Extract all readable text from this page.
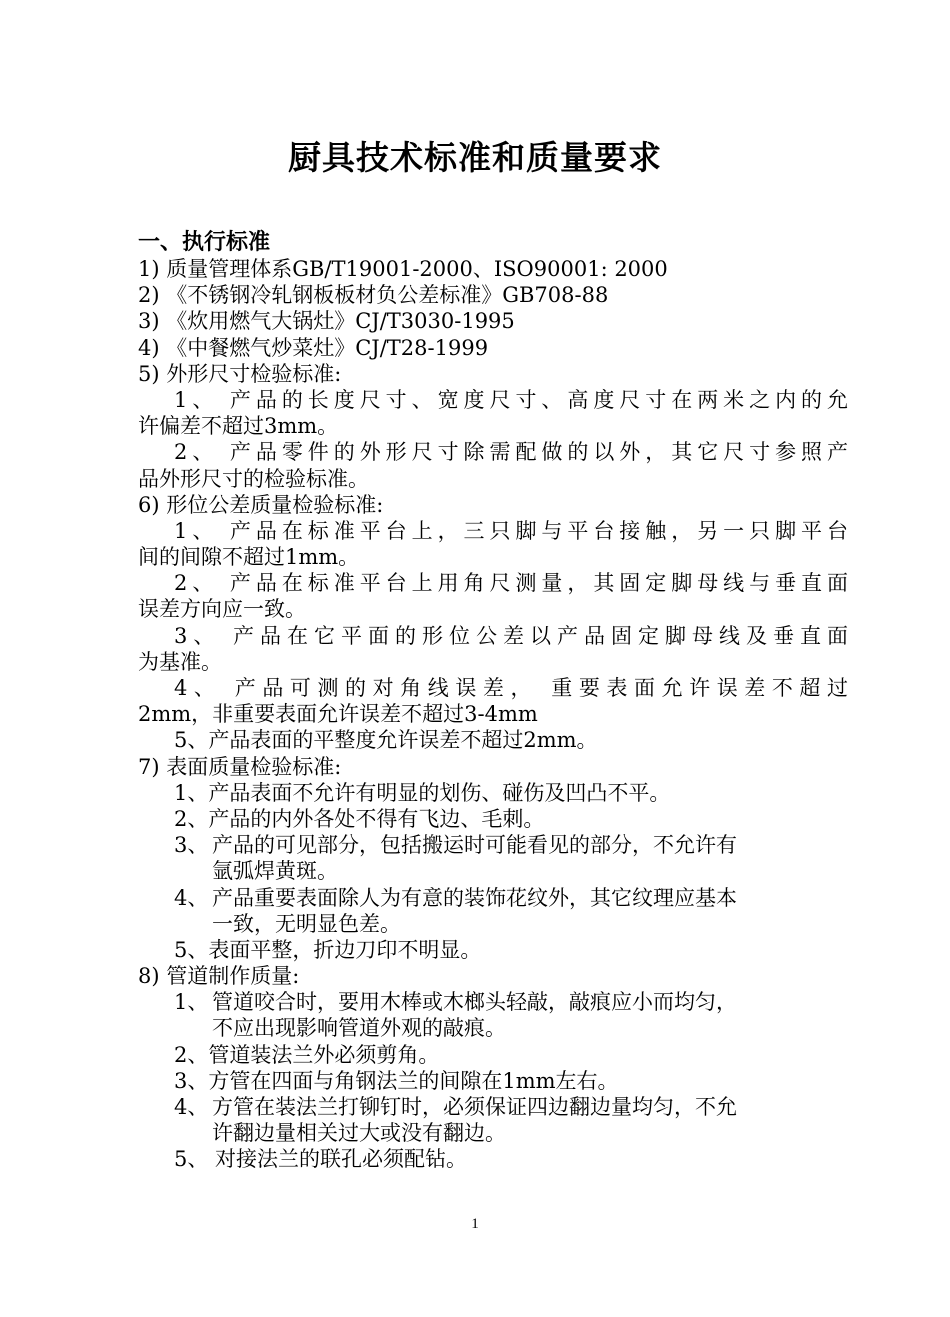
厨具技术标准和质量要求

一、执行标准

1) 质量管理体系GB/T19001-2000、ISO90001: 2000

2) 《不锈钢冷轧钢板板材负公差标准》GB708-88

3) 《炊用燃气大锅灶》CJ/T3030-1995

4) 《中餐燃气炒菜灶》CJ/T28-1999

5) 外形尺寸检验标准:

1、 产品的长度尺寸、宽度尺寸、高度尺寸在两米之内的允

许偏差不超过3mm。

2、 产品零件的外形尺寸除需配做的以外，其它尺寸参照产

品外形尺寸的检验标准。

6) 形位公差质量检验标准:

1、 产品在标准平台上，三只脚与平台接触，另一只脚平台

间的间隙不超过1mm。

2、 产品在标准平台上用角尺测量，其固定脚母线与垂直面

误差方向应一致。

3、 产品在它平面的形位公差以产品固定脚母线及垂直面

为基准。

4、 产品可测的对角线误差， 重要表面允许误差不超过

2mm，非重要表面允许误差不超过3-4mm

5、产品表面的平整度允许误差不超过2mm。

7) 表面质量检验标准:

1、产品表面不允许有明显的划伤、碰伤及凹凸不平。

2、产品的内外各处不得有飞边、毛刺。

3、 产品的可见部分，包括搬运时可能看见的部分，不允许有

氩弧焊黄斑。

4、 产品重要表面除人为有意的装饰花纹外，其它纹理应基本

一致，无明显色差。

5、表面平整，折边刀印不明显。

8) 管道制作质量:

1、 管道咬合时，要用木棒或木榔头轻敲，敲痕应小而均匀，

不应出现影响管道外观的敲痕。

2、管道装法兰外必须剪角。

3、方管在四面与角钢法兰的间隙在1mm左右。

4、 方管在装法兰打铆钉时，必须保证四边翻边量均匀，不允

许翻边量相关过大或没有翻边。

5、 对接法兰的联孔必须配钻。

1
